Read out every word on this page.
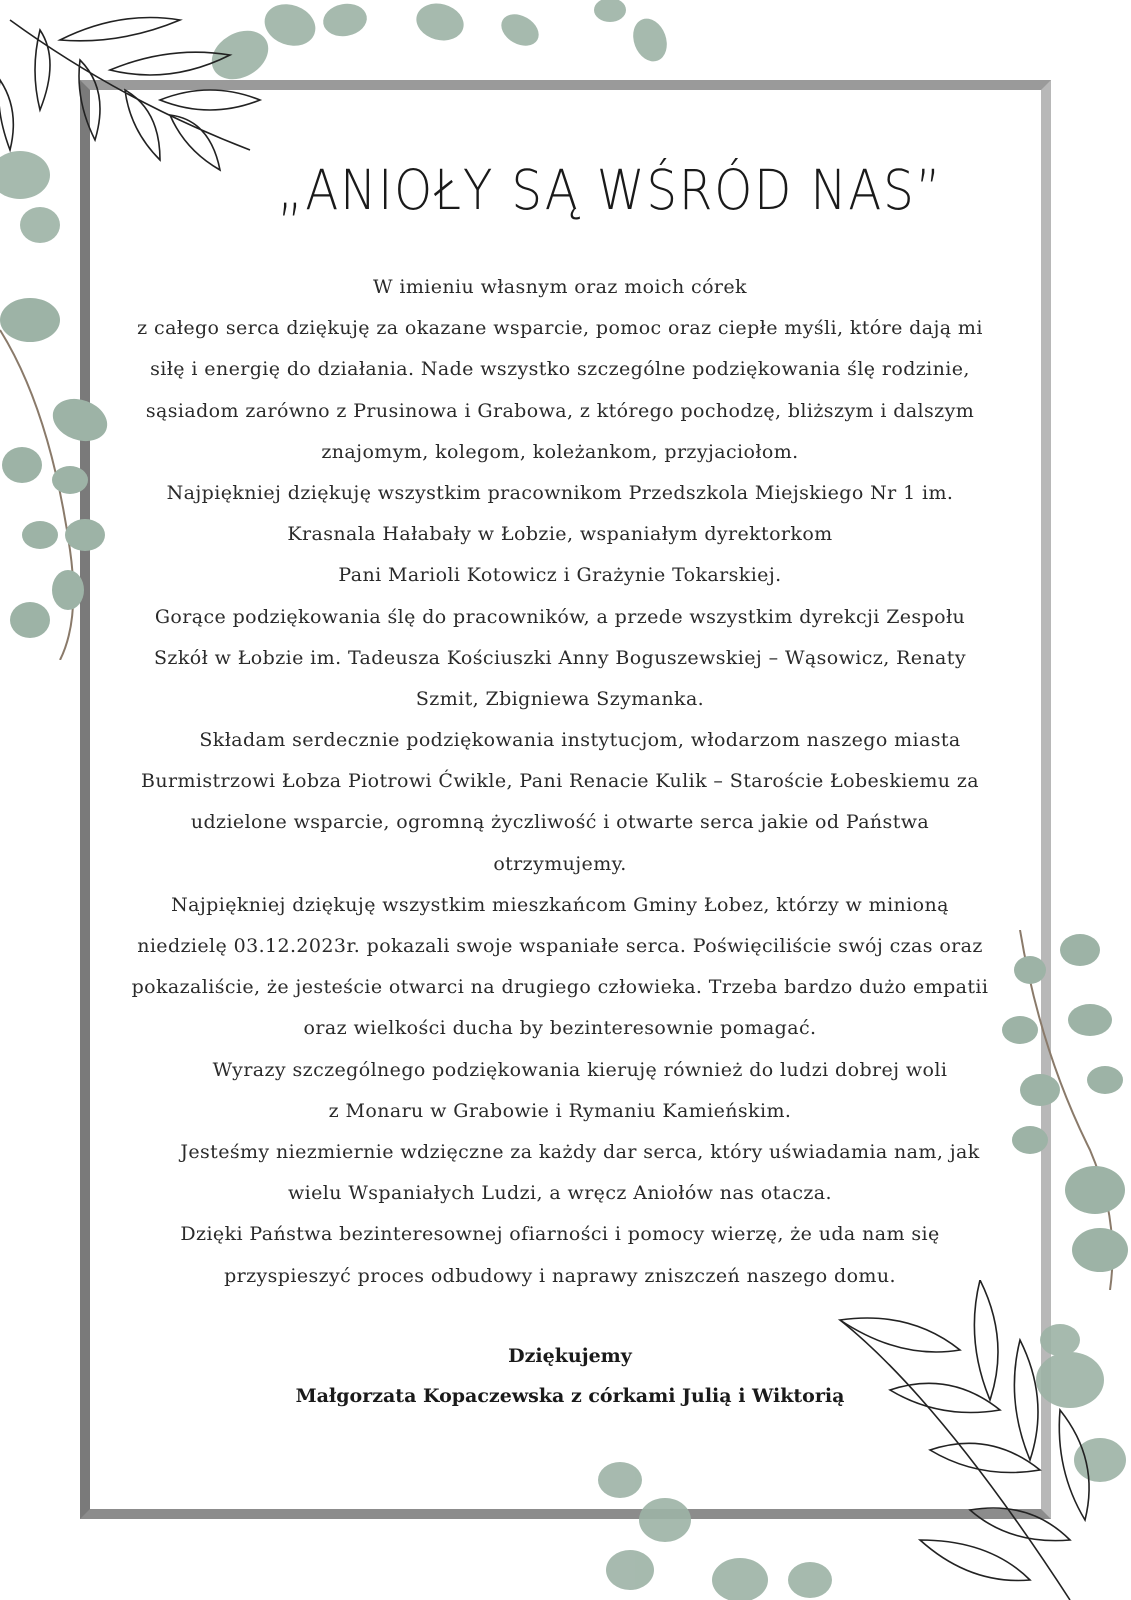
„ANIOŁY SĄ WŚRÓD NAS”
W imieniu własnym oraz moich córek
z całego serca dziękuję za okazane wsparcie, pomoc oraz ciepłe myśli, które dają mi
siłę i energię do działania. Nade wszystko szczególne podziękowania ślę rodzinie,
sąsiadom zarówno z Prusinowa i Grabowa, z którego pochodzę, bliższym i dalszym
znajomym, kolegom, koleżankom, przyjaciołom.
Najpiękniej dziękuję wszystkim pracownikom Przedszkola Miejskiego Nr 1 im.
Krasnala Hałabały w Łobzie, wspaniałym dyrektorkom
Pani Marioli Kotowicz i Grażynie Tokarskiej.
Gorące podziękowania ślę do pracowników, a przede wszystkim dyrekcji Zespołu
Szkół w Łobzie im. Tadeusza Kościuszki Anny Boguszewskiej – Wąsowicz, Renaty
Szmit, Zbigniewa Szymanka.
Składam serdecznie podziękowania instytucjom, włodarzom naszego miasta
Burmistrzowi Łobza Piotrowi Ćwikle, Pani Renacie Kulik – Staroście Łobeskiemu za
udzielone wsparcie, ogromną życzliwość i otwarte serca jakie od Państwa
otrzymujemy.
Najpiękniej dziękuję wszystkim mieszkańcom Gminy Łobez, którzy w minioną
niedzielę 03.12.2023r. pokazali swoje wspaniałe serca. Poświęciliście swój czas oraz
pokazaliście, że jesteście otwarci na drugiego człowieka. Trzeba bardzo dużo empatii
oraz wielkości ducha by bezinteresownie pomagać.
Wyrazy szczególnego podziękowania kieruję również do ludzi dobrej woli
z Monaru w Grabowie i Rymaniu Kamieńskim.
Jesteśmy niezmiernie wdzięczne za każdy dar serca, który uświadamia nam, jak
wielu Wspaniałych Ludzi, a wręcz Aniołów nas otacza.
Dzięki Państwa bezinteresownej ofiarności i pomocy wierzę, że uda nam się
przyspieszyć proces odbudowy i naprawy zniszczeń naszego domu.
Dziękujemy
Małgorzata Kopaczewska z córkami Julią i Wiktorią
